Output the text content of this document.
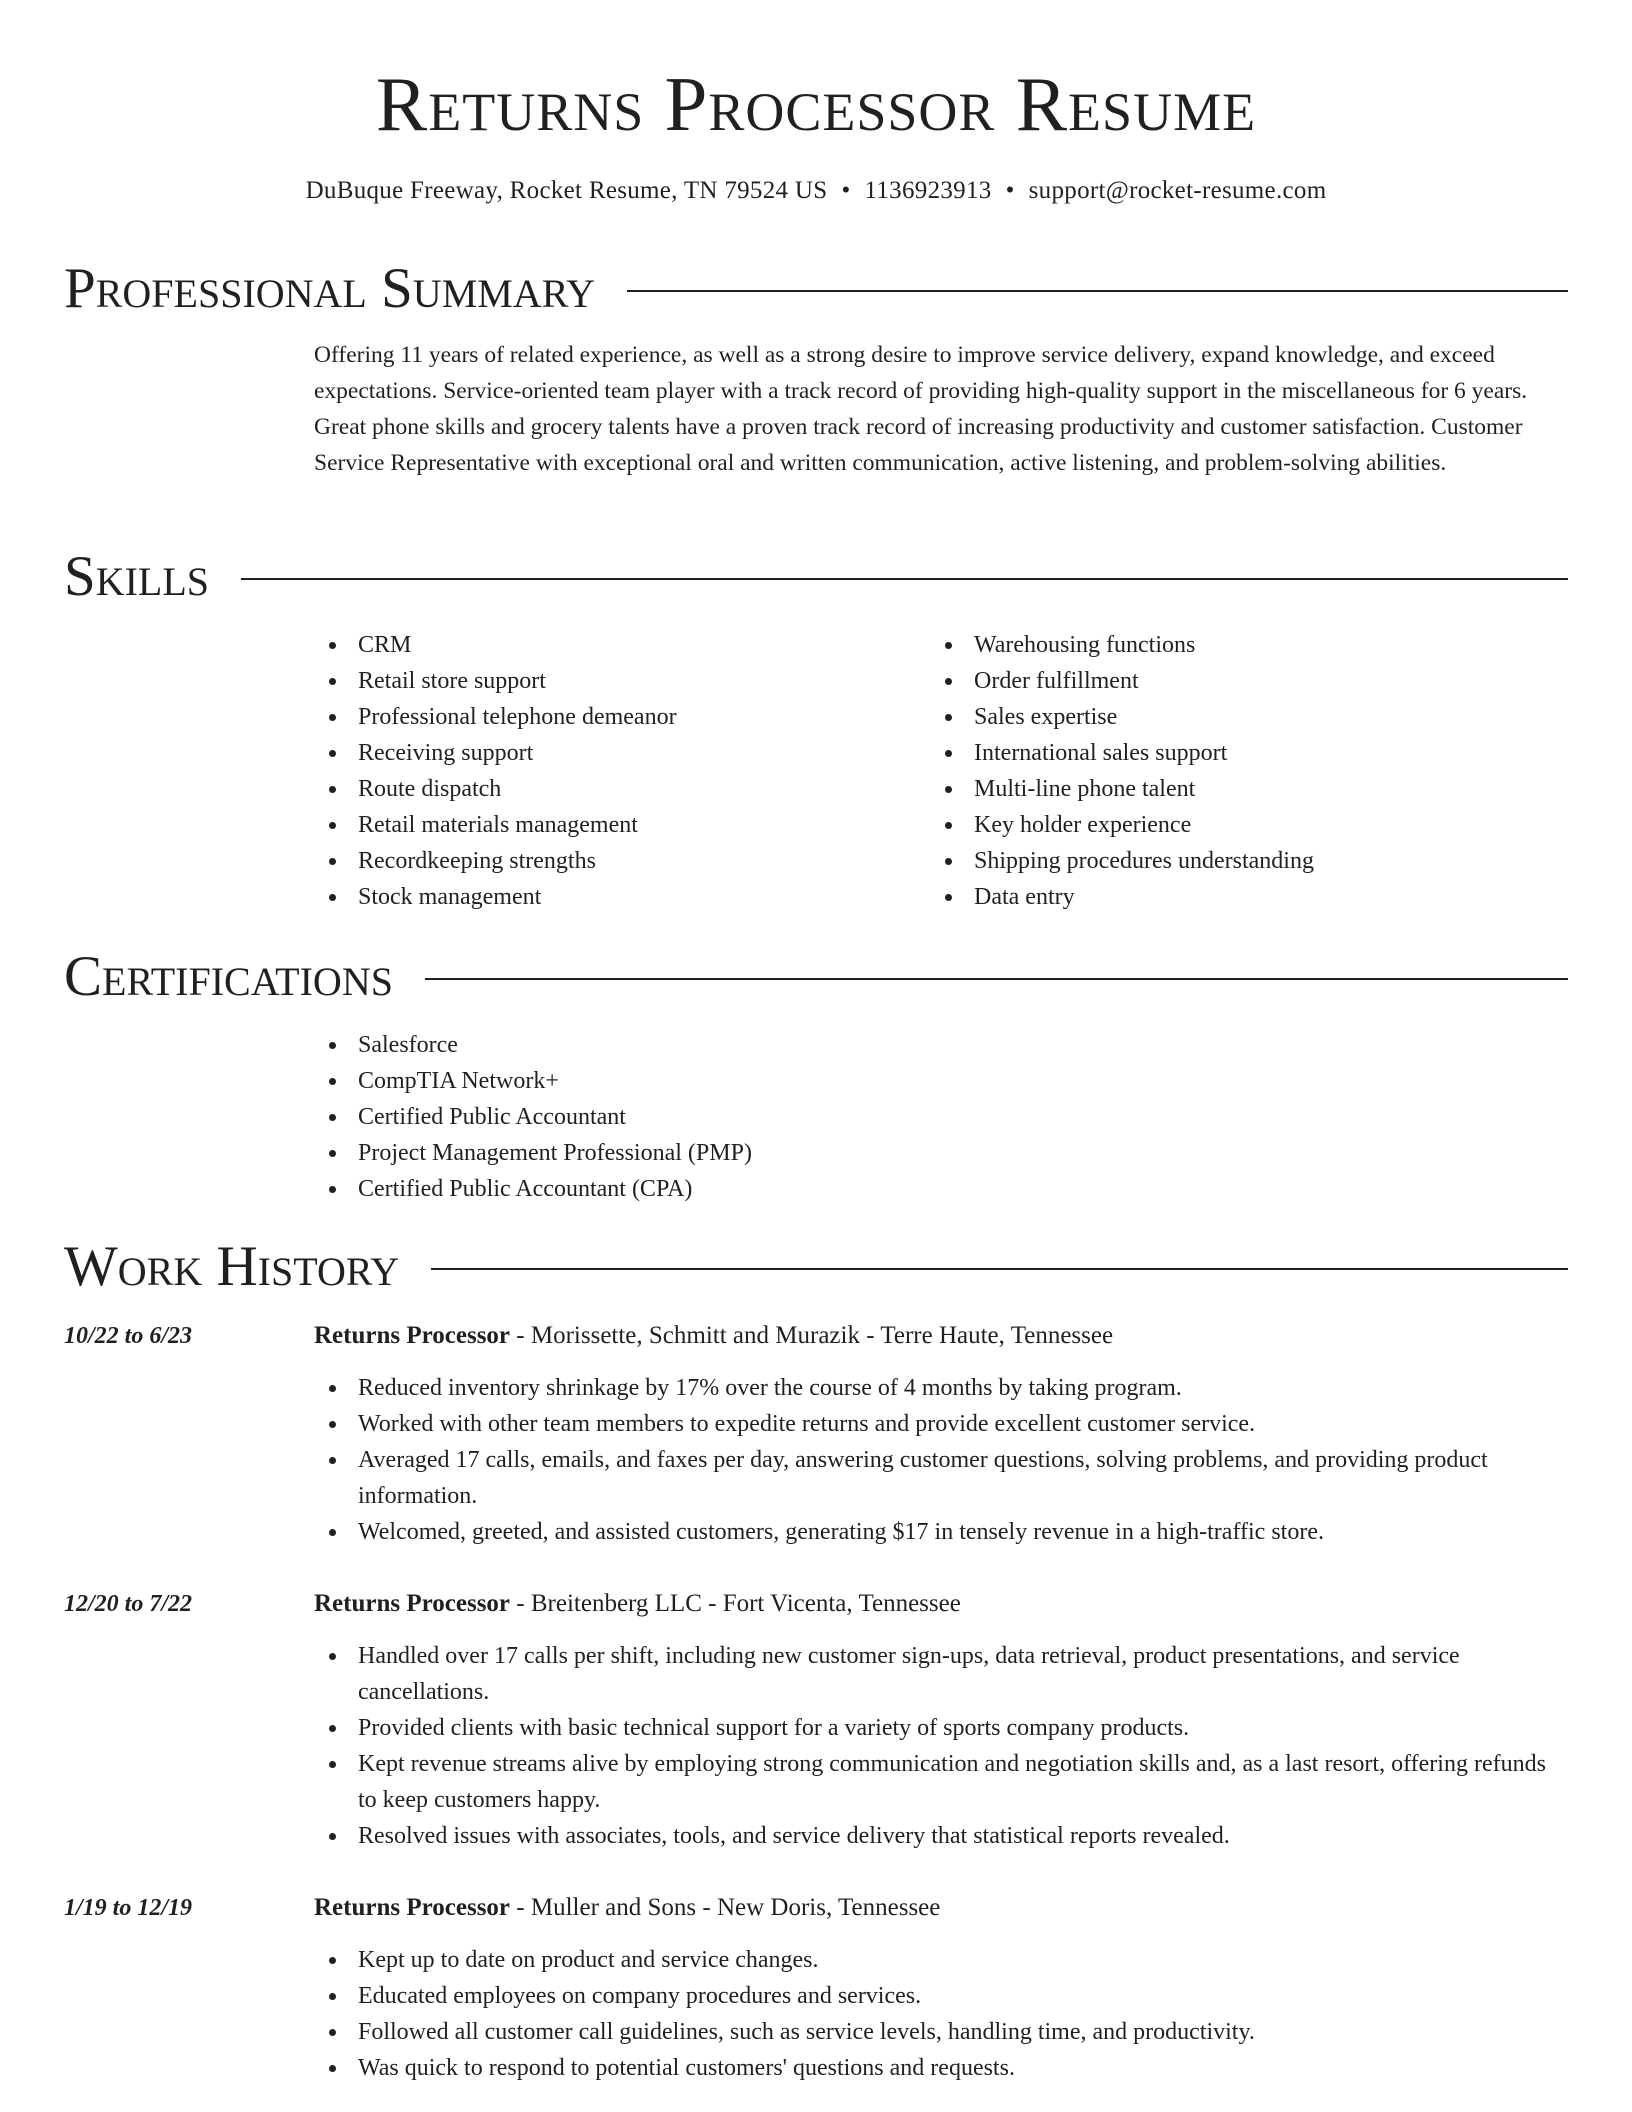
Returns Processor Resume
DuBuque Freeway, Rocket Resume, TN 79524 US • 1136923913 • support@rocket-resume.com
Professional Summary

Offering 11 years of related experience, as well as a strong desire to improve service delivery, expand knowledge, and exceed expectations. Service-oriented team player with a track record of providing high-quality support in the miscellaneous for 6 years. Great phone skills and grocery talents have a proven track record of increasing productivity and customer satisfaction. Customer Service Representative with exceptional oral and written communication, active listening, and problem-solving abilities.

Skills
CRM
Retail store support
Professional telephone demeanor
Receiving support
Route dispatch
Retail materials management
Recordkeeping strengths
Stock management
Warehousing functions
Order fulfillment
Sales expertise
International sales support
Multi-line phone talent
Key holder experience
Shipping procedures understanding
Data entry
Certifications
Salesforce
CompTIA Network+
Certified Public Accountant
Project Management Professional (PMP)
Certified Public Accountant (CPA)
Work History
10/22 to 6/23	Returns Processor - Morissette, Schmitt and Murazik - Terre Haute, Tennessee
Reduced inventory shrinkage by 17% over the course of 4 months by taking program.
Worked with other team members to expedite returns and provide excellent customer service.
Averaged 17 calls, emails, and faxes per day, answering customer questions, solving problems, and providing product information.
Welcomed, greeted, and assisted customers, generating $17 in tensely revenue in a high-traffic store.
12/20 to 7/22	Returns Processor - Breitenberg LLC - Fort Vicenta, Tennessee
Handled over 17 calls per shift, including new customer sign-ups, data retrieval, product presentations, and service cancellations.
Provided clients with basic technical support for a variety of sports company products.
Kept revenue streams alive by employing strong communication and negotiation skills and, as a last resort, offering refunds to keep customers happy.
Resolved issues with associates, tools, and service delivery that statistical reports revealed.
1/19 to 12/19	Returns Processor - Muller and Sons - New Doris, Tennessee
Kept up to date on product and service changes.
Educated employees on company procedures and services.
Followed all customer call guidelines, such as service levels, handling time, and productivity.
Was quick to respond to potential customers' questions and requests.
